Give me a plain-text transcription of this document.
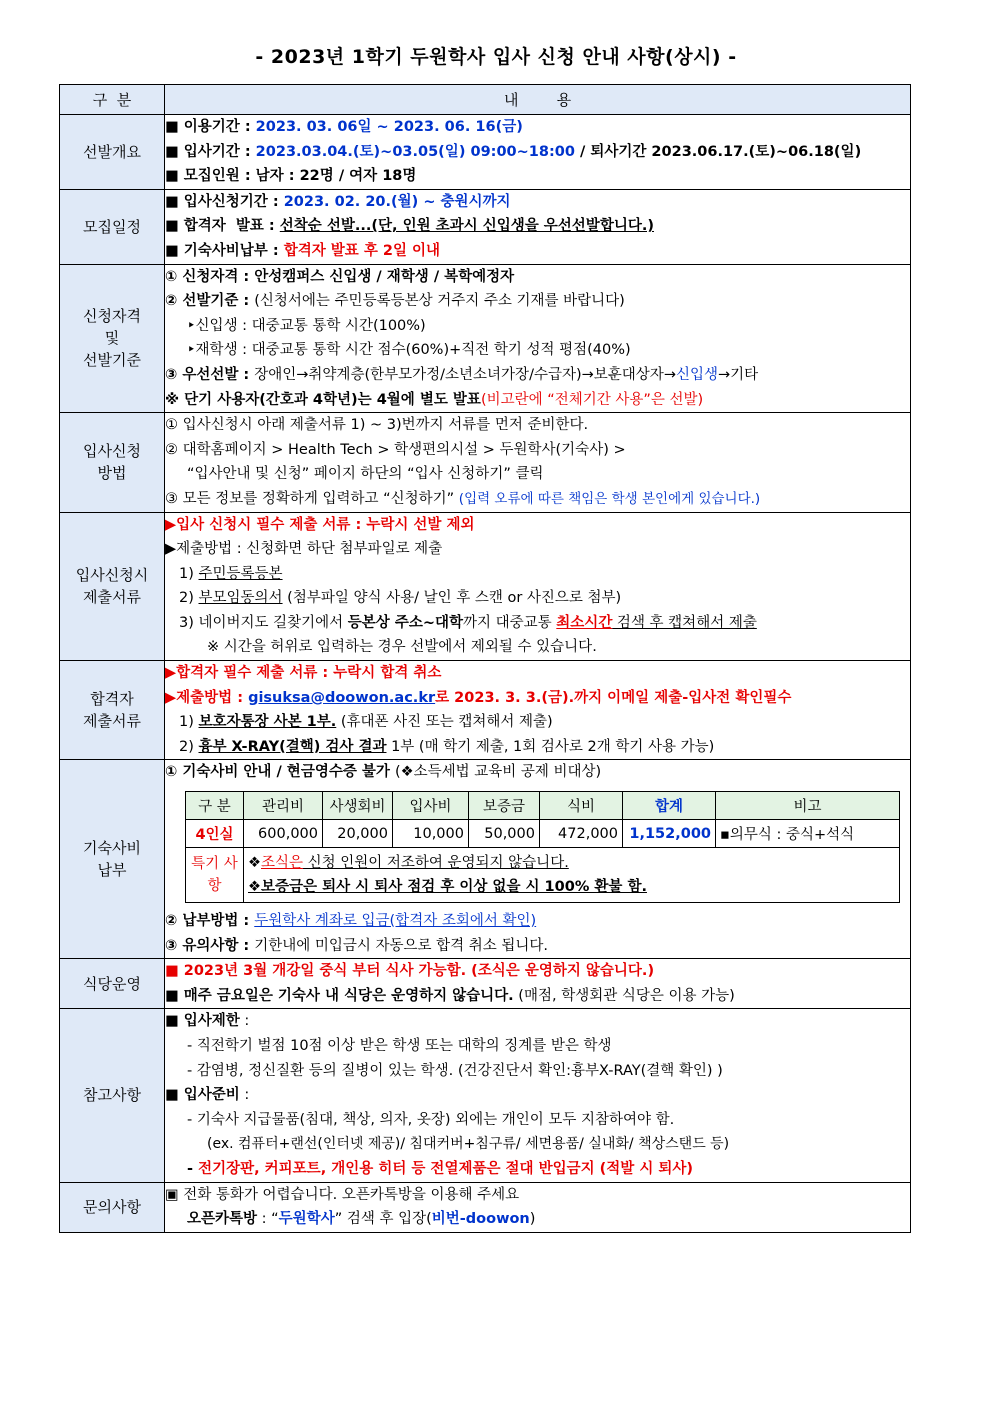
- 2023년 1학기 두원학사 입사 신청 안내 사항(상시) -
구  분	내        용
선발개요	
■ 이용기간 : 2023. 03. 06일 ~ 2023. 06. 16(금)
■ 입사기간 : 2023.03.04.(토)~03.05(일) 09:00~18:00 / 퇴사기간 2023.06.17.(토)~06.18(일)
■ 모집인원 : 남자 : 22명 / 여자 18명

모집일정	
■ 입사신청기간 : 2023. 02. 20.(월) ~ 충원시까지
■ 합격자  발표 : 선착순 선발...(단, 인원 초과시 신입생을 우선선발합니다.)
■ 기숙사비납부 : 합격자 발표 후 2일 이내

신청자격
및
선발기준

① 신청자격 : 안성캠퍼스 신입생 / 재학생 / 복학예정자
② 선발기준 : (신청서에는 주민등록등본상 거주지 주소 기재를 바랍니다)
‣신입생 : 대중교통 통학 시간(100%)
‣재학생 : 대중교통 통학 시간 점수(60%)+직전 학기 성적 평점(40%)
③ 우선선발 : 장애인→취약계층(한부모가정/소년소녀가장/수급자)→보훈대상자→신입생→기타
※ 단기 사용자(간호과 4학년)는 4월에 별도 발표(비고란에 “전체기간 사용”은 선발)

입사신청
방법

① 입사신청시 아래 제출서류 1) ~ 3)번까지 서류를 먼저 준비한다.
② 대학홈페이지 > Health Tech > 학생편의시설 > 두원학사(기숙사) >
“입사안내 및 신청” 페이지 하단의 “입사 신청하기” 클릭
③ 모든 정보를 정확하게 입력하고 “신청하기” (입력 오류에 따른 책임은 학생 본인에게 있습니다.)

입사신청시
제출서류

▶입사 신청시 필수 제출 서류 : 누락시 선발 제외
▶제출방법 : 신청화면 하단 첨부파일로 제출
1) 주민등록등본
2) 부모임동의서 (첨부파일 양식 사용/ 날인 후 스캔 or 사진으로 첨부)
3) 네이버지도 길찾기에서 등본상 주소~대학까지 대중교통 최소시간 검색 후 캡쳐해서 제출
※ 시간을 허위로 입력하는 경우 선발에서 제외될 수 있습니다.

합격자
제출서류

▶합격자 필수 제출 서류 : 누락시 합격 취소
▶제출방법 : gisuksa@doowon.ac.kr로 2023. 3. 3.(금).까지 이메일 제출-입사전 확인필수
1) 보호자통장 사본 1부. (휴대폰 사진 또는 캡쳐해서 제출)
2) 흉부 X-RAY(결핵) 검사 결과 1부 (매 학기 제출, 1회 검사로 2개 학기 사용 가능)

기숙사비
납부

① 기숙사비 안내 / 현금영수증 불가 (❖소득세법 교육비 공제 비대상)
구 분	관리비	사생회비	입사비	보증금	식비	합계	비고
4인실	600,000	20,000	10,000	50,000	472,000	1,152,000	▪의무식 : 중식+석식
특기 사항	
❖조식은 신청 인원이 저조하여 운영되지 않습니다.
❖보증금은 퇴사 시 퇴사 점검 후 이상 없을 시 100% 환불 함.
② 납부방법 : 두원학사 계좌로 입금(합격자 조회에서 확인)
③ 유의사항 : 기한내에 미입금시 자동으로 합격 취소 됩니다.

식당운영	
■ 2023년 3월 개강일 중식 부터 식사 가능함. (조식은 운영하지 않습니다.)
■ 매주 금요일은 기숙사 내 식당은 운영하지 않습니다. (매점, 학생회관 식당은 이용 가능)

참고사항	
■ 입사제한 :
- 직전학기 벌점 10점 이상 받은 학생 또는 대학의 징계를 받은 학생
- 감염병, 정신질환 등의 질병이 있는 학생. (건강진단서 확인:흉부X-RAY(결핵 확인) )
■ 입사준비 :
- 기숙사 지급물품(침대, 책상, 의자, 옷장) 외에는 개인이 모두 지참하여야 함.
(ex. 컴퓨터+랜선(인터넷 제공)/ 침대커버+침구류/ 세면용품/ 실내화/ 책상스탠드 등)
- 전기장판, 커피포트, 개인용 히터 등 전열제품은 절대 반입금지 (적발 시 퇴사)

문의사항	
▣ 전화 통화가 어렵습니다. 오픈카톡방을 이용해 주세요
오픈카톡방 : “두원학사” 검색 후 입장(비번-doowon)
